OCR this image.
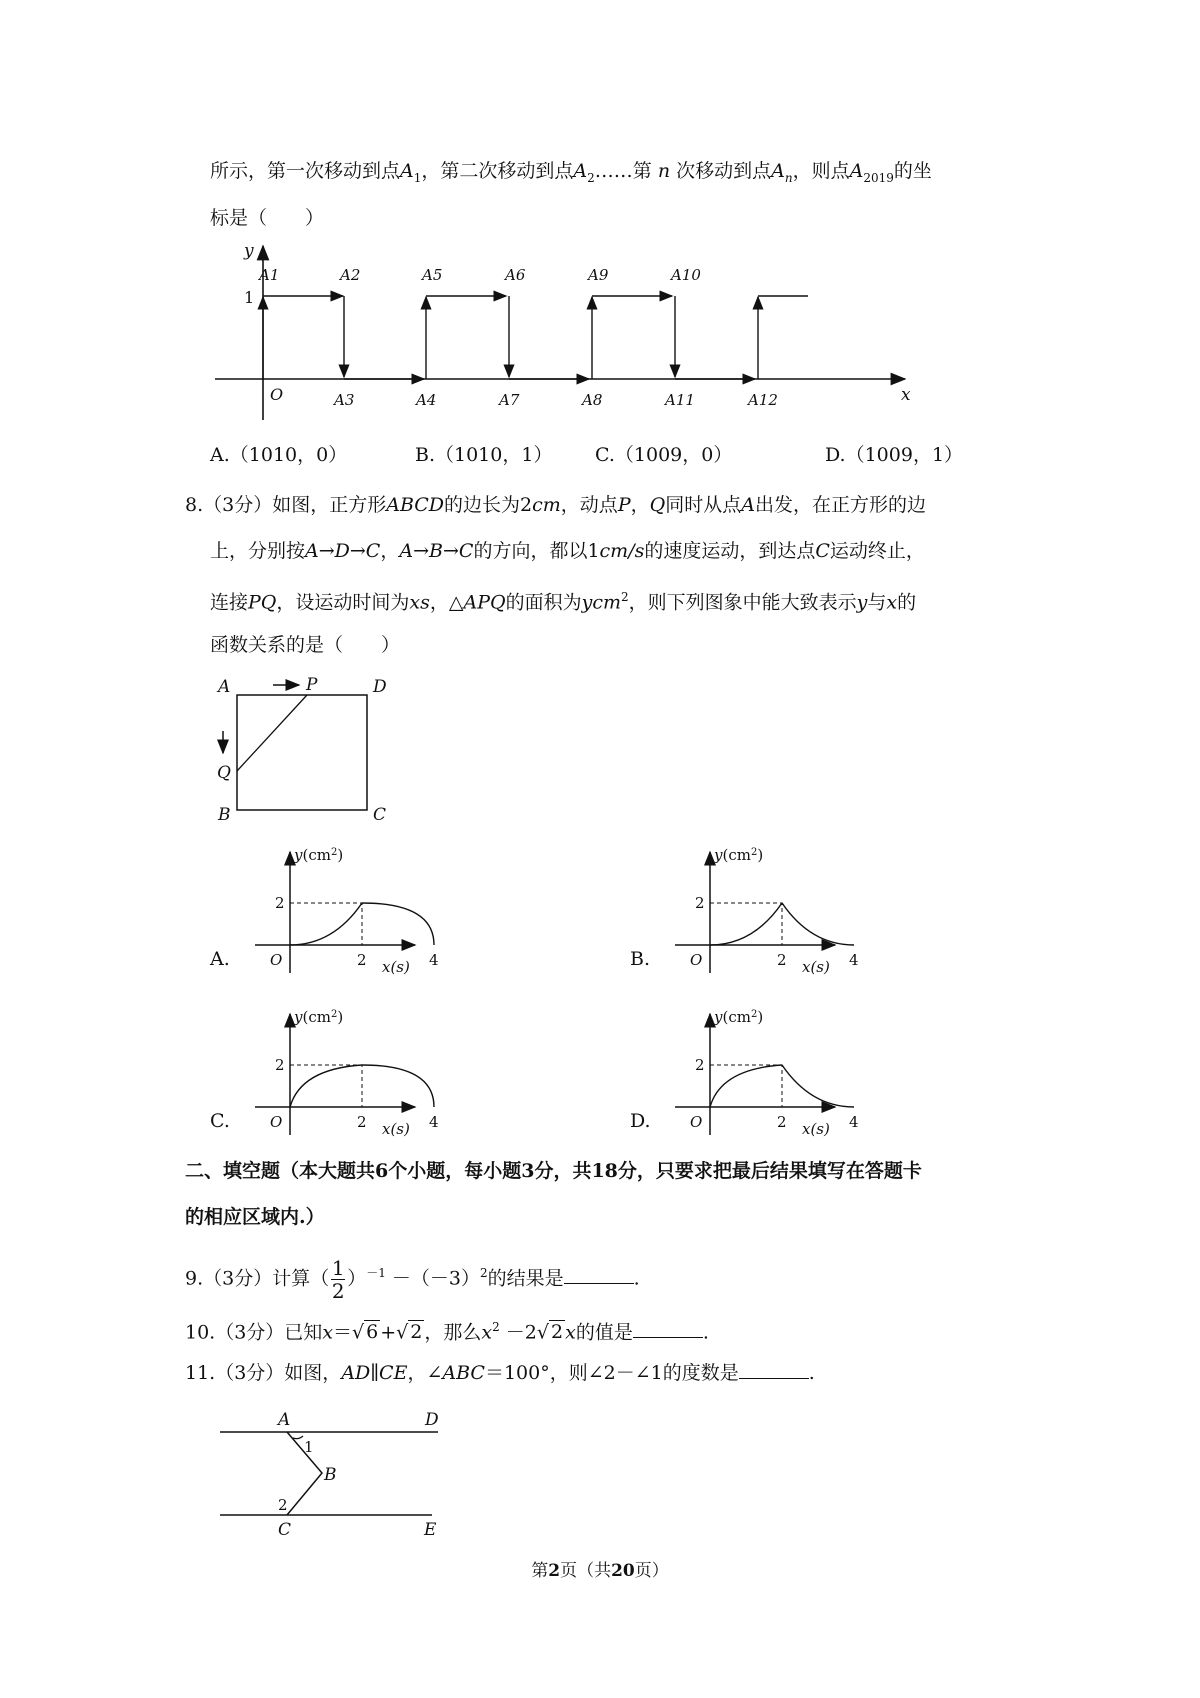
所示，第一次移动到点$A_1$，第二次移动到点$A_2\dots\dots$第 n 次移动到点$A_n$，则点$A_{2019}$的坐
标是（　　）
y
x
1
O
A1	A2	A5	A6	A9	A10
A3	A4	A7	A8	A11	A12
A.（1010，0）	B.（1010，1） C.（1009，0）	D.（1009，1）
8.（3分）如图，正方形ABCD的边长为2cm，动点P，Q同时从点A出发，在正方形的边
上，分别按A→D→C，A→B→C的方向，都以1cm/s的速度运动，到达点C运动终止，
连接PQ，设运动时间为xs，△APQ的面积为ycm$^2$，则下列图象中能大致表示y与x的
函数关系的是（　　）
A	D
B	C
P
Q
A.
$y(cm^2)$
2
O	2	4
x(s)	B.
$y(cm^2)$
2
O	2	4
x(s)
C.
$y(cm^2)$
2
O	2	4
x(s)	D.
$y(cm^2)$
2
O	2	4
x(s)
二、填空题（本大题共6个小题，每小题3分，共18分，只要求把最后结果填写在答题卡
的相应区域内.）
9.（3分）计算（ $\frac{1}{2} )^{-1} -(-3)^2$的结果是	.
10.（3分）已知x＝√ 6 +√ 2 ，那么$x^2 -2√$ 2 x的值是	.
11.（3分）如图，AD∥CE，∠ABC＝100°，则∠2－∠1的度数是	.
A	D
B
C	E
1
2
第2页（共20页）
